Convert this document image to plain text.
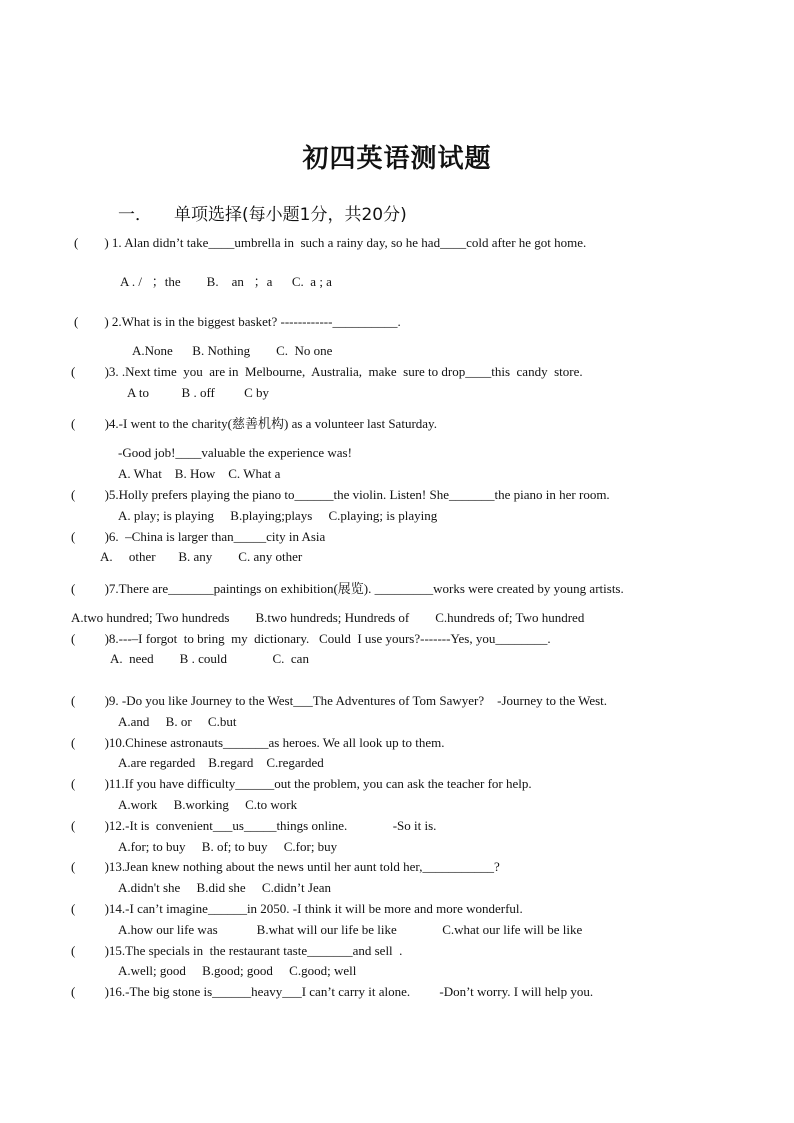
初四英语测试题
一． 单项选择(每小题1分，共20分)
(        ) 1. Alan didn’t take____umbrella in  such a rainy day, so he had____cold after he got home.
A . /   ；the        B.    an   ；a      C.  a ; a
(        ) 2.What is in the biggest basket? ------------__________.
A.None      B. Nothing        C.  No one
(         )3. .Next time  you  are in  Melbourne,  Australia,  make  sure to drop____this  candy  store.
A to          B . off         C by
(         )4.-I went to the charity(慈善机构) as a volunteer last Saturday.
-Good job!____valuable the experience was!
A. What    B. How    C. What a
(         )5.Holly prefers playing the piano to______the violin. Listen! She_______the piano in her room.
A. play; is playing     B.playing;plays     C.playing; is playing
(         )6.  –China is larger than_____city in Asia
A.     other       B. any        C. any other
(         )7.There are_______paintings on exhibition(展览). _________works were created by young artists.
A.two hundred; Two hundreds        B.two hundreds; Hundreds of        C.hundreds of; Two hundred
(         )8.---–I forgot  to bring  my  dictionary.   Could  I use yours?-------Yes, you________.
A.  need        B . could              C.  can
(         )9. -Do you like Journey to the West___The Adventures of Tom Sawyer?    -Journey to the West.
A.and     B. or     C.but
(         )10.Chinese astronauts_______as heroes. We all look up to them.
A.are regarded    B.regard    C.regarded
(         )11.If you have difficulty______out the problem, you can ask the teacher for help.
A.work     B.working     C.to work
(         )12.-It is  convenient___us_____things online.              -So it is.
A.for; to buy     B. of; to buy     C.for; buy
(         )13.Jean knew nothing about the news until her aunt told her,___________?
A.didn't she     B.did she     C.didn’t Jean
(         )14.-I can’t imagine______in 2050. -I think it will be more and more wonderful.
A.how our life was            B.what will our life be like              C.what our life will be like
(         )15.The specials in  the restaurant taste_______and sell  .
A.well; good     B.good; good     C.good; well
(         )16.-The big stone is______heavy___I can’t carry it alone.         -Don’t worry. I will help you.
